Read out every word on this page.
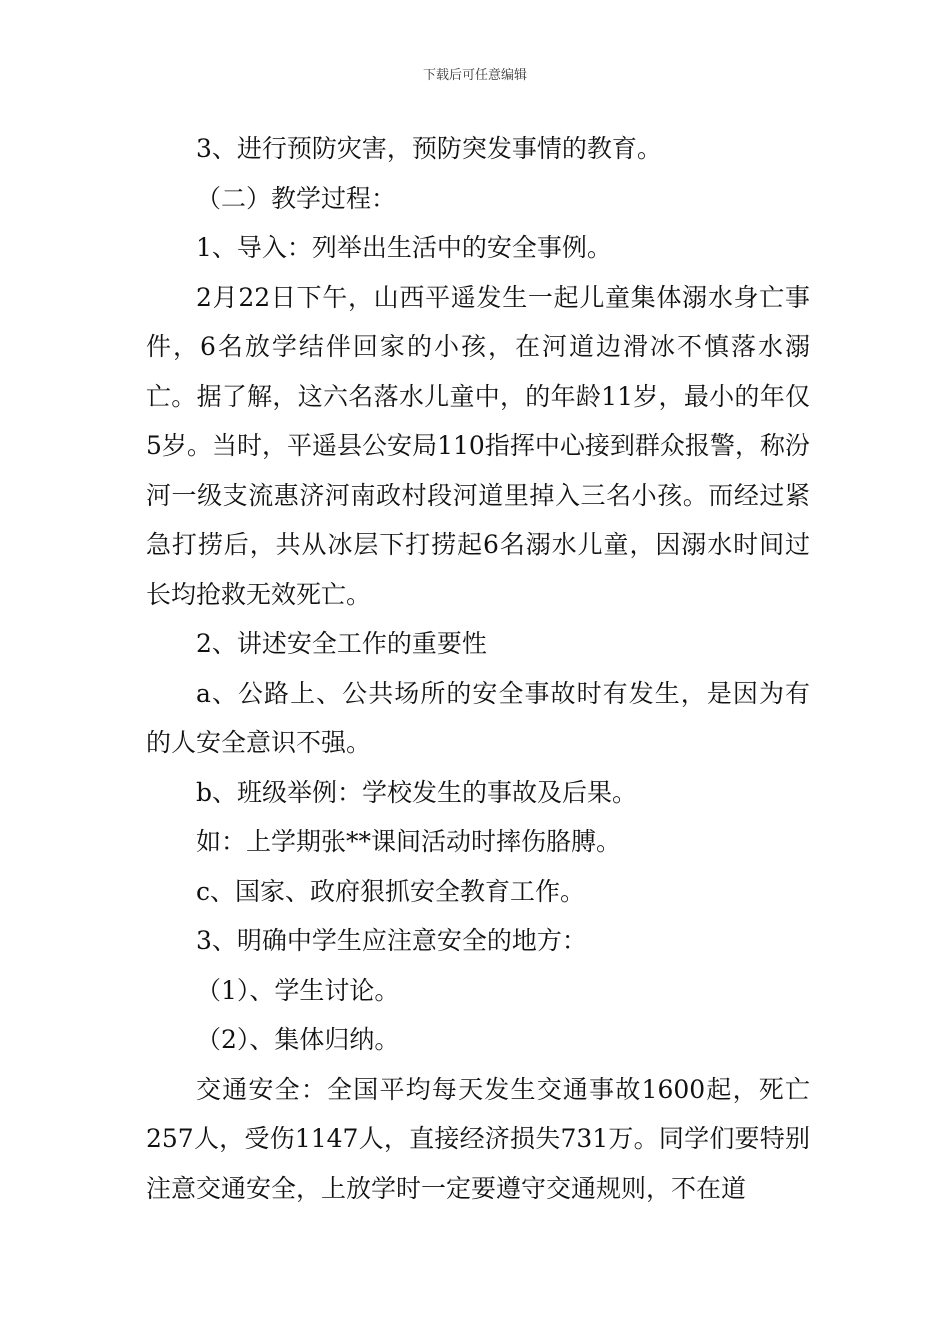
下载后可任意编辑

3、进行预防灾害，预防突发事情的教育。

（二）教学过程：

1、导入：列举出生活中的安全事例。

2月22日下午，山西平遥发生一起儿童集体溺水身亡事件，6名放学结伴回家的小孩，在河道边滑冰不慎落水溺亡。据了解，这六名落水儿童中，的年龄11岁，最小的年仅5岁。当时，平遥县公安局110指挥中心接到群众报警，称汾河一级支流惠济河南政村段河道里掉入三名小孩。而经过紧急打捞后，共从冰层下打捞起6名溺水儿童，因溺水时间过长均抢救无效死亡。

2、讲述安全工作的重要性

a、公路上、公共场所的安全事故时有发生，是因为有的人安全意识不强。

b、班级举例：学校发生的事故及后果。

如：上学期张**课间活动时摔伤胳膊。

c、国家、政府狠抓安全教育工作。

3、明确中学生应注意安全的地方：

（1）、学生讨论。

（2）、集体归纳。

交通安全：全国平均每天发生交通事故1600起，死亡257人，受伤1147人，直接经济损失731万。同学们要特别注意交通安全，上放学时一定要遵守交通规则，不在道
